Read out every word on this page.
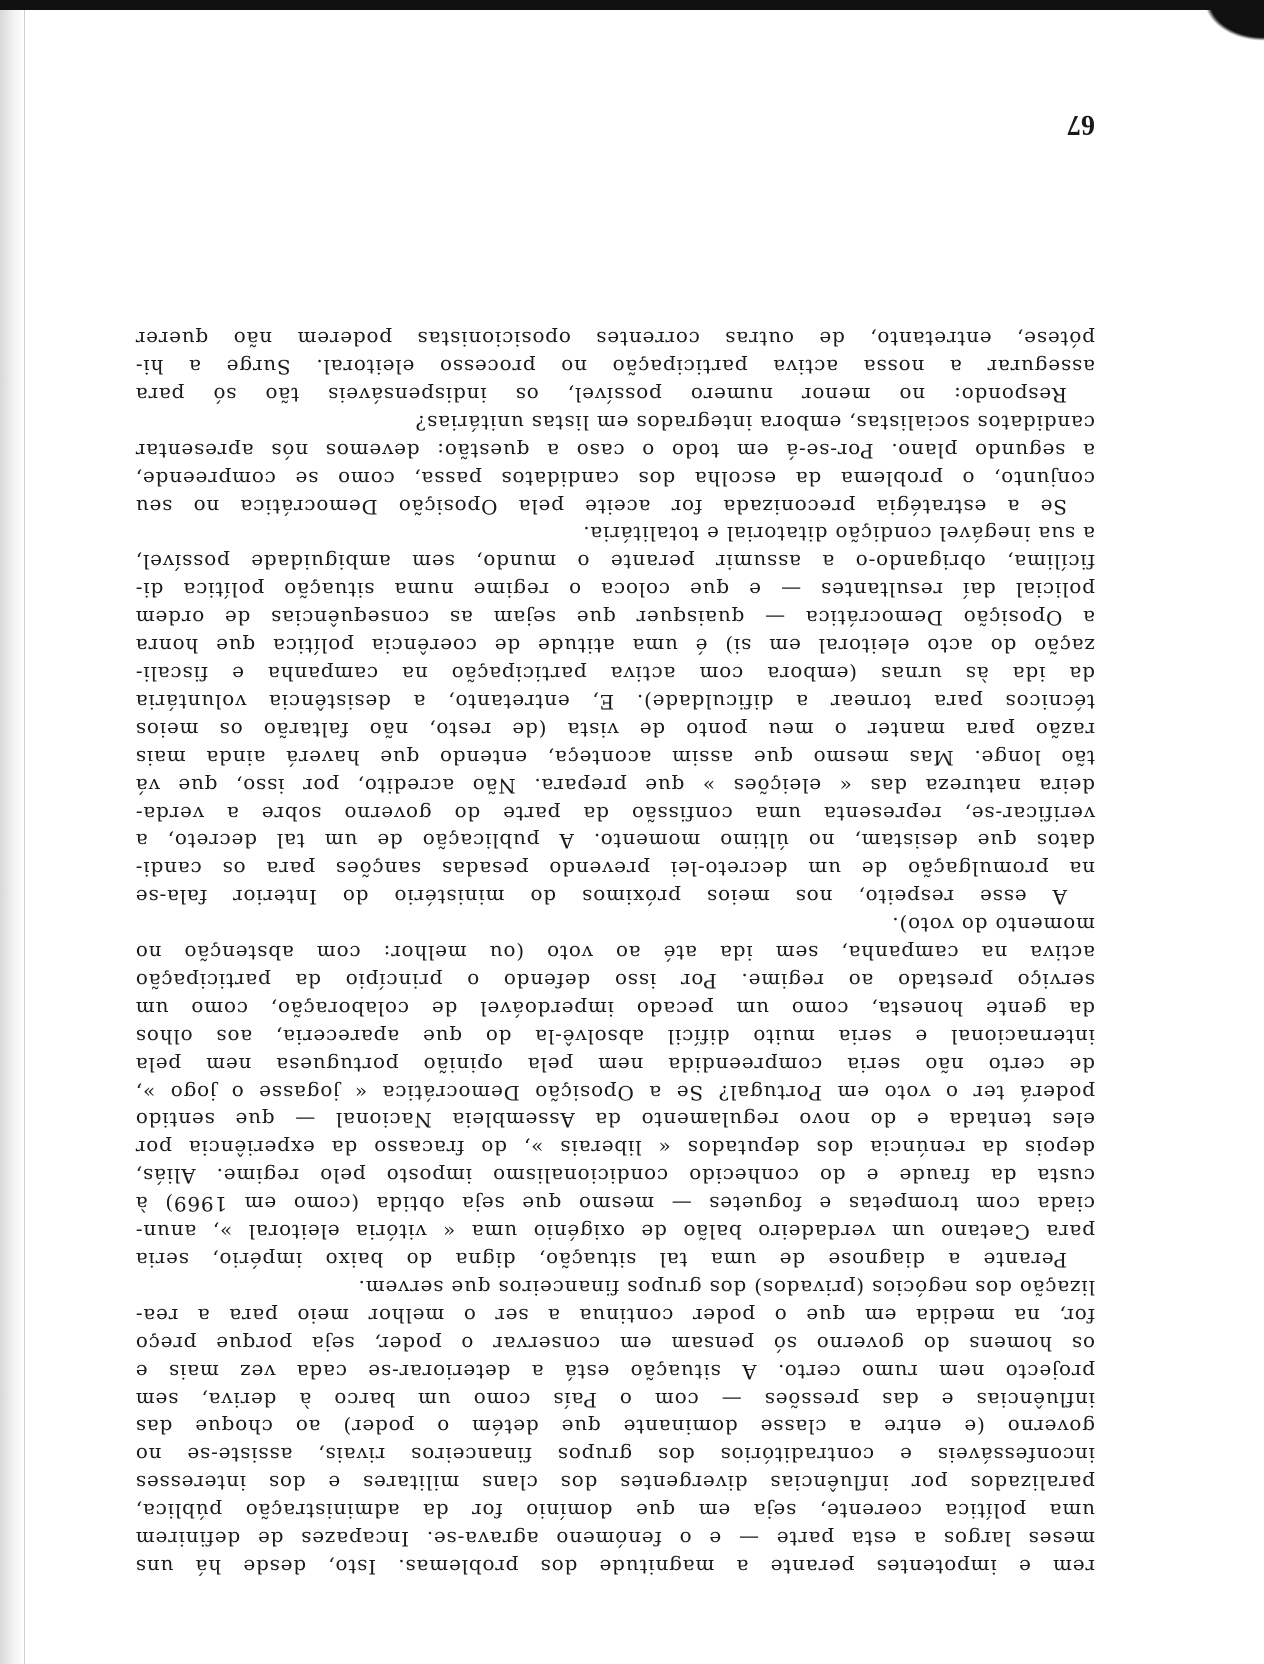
rem e impotentes perante a magnitude dos problemas. Isto, desde há uns
meses largos a esta parte — e o fenómeno agrava-se. Incapazes de definirem
uma política coerente, seja em que domínio for da administração pública,
paralizados por influências divergentes dos clans militares e dos interesses
inconfessáveis e contraditórios dos grupos financeiros rivais, assiste-se no
governo (e entre a classe dominante que detém o poder) ao choque das
influências e das pressões — com o País como um barco à deriva, sem
projecto nem rumo certo. A situação está a deteriorar-se cada vez mais e
os homens do governo só pensam em conservar o poder, seja porque preço
for, na medida em que o poder continua a ser o melhor meio para a rea-
lização dos negócios (privados) dos grupos financeiros que servem.

Perante a diagnose de uma tal situação, digna do baixo império, seria
para Caetano um verdadeiro balão de oxigénio uma « vitória eleitoral », anun-
ciada com trompetas e foguetes — mesmo que seja obtida (como em 1969) à
custa da fraude e do conhecido condicionalismo imposto pelo regime. Aliás,
depois da renúncia dos deputados « liberais », do fracasso da experiência por
eles tentada e do novo regulamento da Assembleia Nacional — que sentido
poderá ter o voto em Portugal? Se a Oposição Democrática « jogasse o jogo »,
de certo não seria compreendida nem pela opinião portuguesa nem pela
internacional e seria muito difícil absolvê-la do que apareceria, aos olhos
da gente honesta, como um pecado imperdoável de colaboração, como um
serviço prestado ao regime. Por isso defendo o princípio da participação
activa na campanha, sem ida até ao voto (ou melhor: com abstenção no
momento do voto).

A esse respeito, nos meios próximos do ministério do Interior fala-se
na promulgação de um decreto-lei prevendo pesadas sanções para os candi-
datos que desistam, no último momento. A publicação de um tal decreto, a
verificar-se, representa uma confissão da parte do governo sobre a verda-
deira natureza das « eleições » que prepara. Não acredito, por isso, que vá
tão longe. Mas mesmo que assim aconteça, entendo que haverá ainda mais
razão para manter o meu ponto de vista (de resto, não faltarão os meios
técnicos para tornear a dificuldade). E, entretanto, a desistência voluntária
da ida às urnas (embora com activa participação na campanha e fiscali-
zação do acto eleitoral em si) é uma atitude de coerência política que honra
a Oposição Democrática — quaisquer que sejam as consequências de ordem
policial daí resultantes — e que coloca o regime numa situação política di-
ficílima, obrigando-o a assumir perante o mundo, sem ambiguidade possível,
a sua inegável condição ditatorial e totalitária.

Se a estratégia preconizada for aceite pela Oposição Democrática no seu
conjunto, o problema da escolha dos candidatos passa, como se compreende,
a segundo plano. Por-se-á em todo o caso a questão: devemos nós apresentar
candidatos socialistas, embora integrados em listas unitárias?

Respondo: no menor numero possível, os indispensáveis tão só para
assegurar a nossa activa participação no processo eleitoral. Surge a hi-
pótese, entretanto, de outras correntes oposicionistas poderem não querer

67
